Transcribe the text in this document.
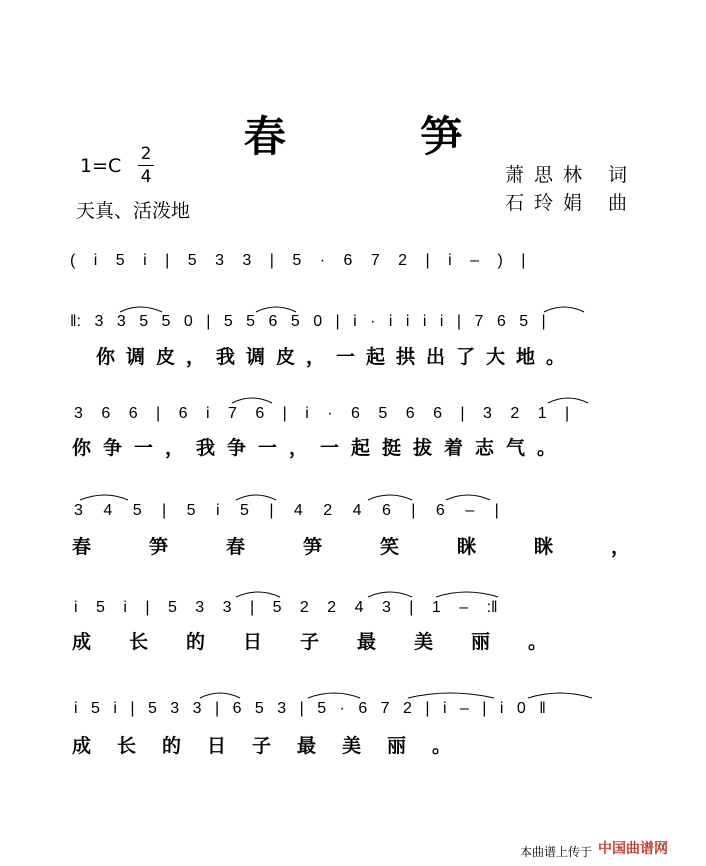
春 笋
1=C
2
4
天真、活泼地
萧思林 词
石玲娟 曲
( i 5 i | 5 3 3 | 5 · 6 7 2 | i – ) |
‖: 3 3 5 5 0 | 5 5 6 5 0 | i · i i i i | 7 6 5 |
3 6 6 | 6 i 7 6 | i · 6 5 6 6 | 3 2 1 |
3 4 5 | 5 i 5 | 4 2 4 6 | 6 – |
i 5 i | 5 3 3 | 5 2 2 4 3 | 1 – :‖
i 5 i | 5 3 3 | 6 5 3 | 5 · 6 7 2 | i – | i 0 ‖
你调皮，我调皮，一起拱出了大地。
你争一，我争一，一起挺拔着志气。
春笋春笋笑眯眯，
成长的日子最美丽。
成长的日子最美丽。
本曲谱上传于 中国曲谱网
